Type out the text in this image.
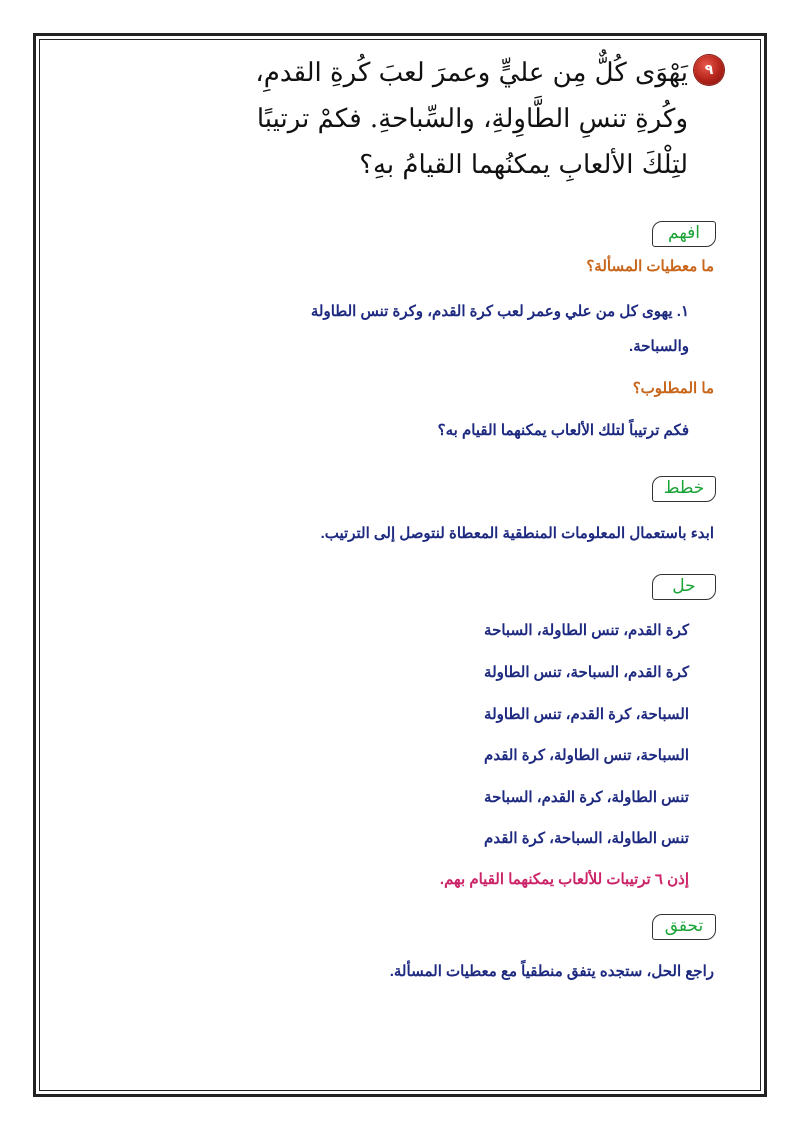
٩
يَهْوَى كُلٌّ مِن عليٍّ وعمرَ لعبَ كُرةِ القدمِ،
وكُرةِ تنسِ الطَّاوِلةِ، والسِّباحةِ. فكمْ ترتيبًا
لتِلْكَ الألعابِ يمكنُهما القيامُ بهِ؟
افهم

ما معطيات المسألة؟

١. يهوى كل من علي وعمر لعب كرة القدم، وكرة تنس الطاولة

والسباحة.

ما المطلوب؟

فكم ترتيباً لتلك الألعاب يمكنهما القيام به؟

خطط

ابدء باستعمال المعلومات المنطقية المعطاة لنتوصل إلى الترتيب.

حل

كرة القدم، تنس الطاولة، السباحة

كرة القدم، السباحة، تنس الطاولة

السباحة، كرة القدم، تنس الطاولة

السباحة، تنس الطاولة، كرة القدم

تنس الطاولة، كرة القدم، السباحة

تنس الطاولة، السباحة، كرة القدم

إذن ٦ ترتيبات للألعاب يمكنهما القيام بهم.

تحقق

راجع الحل، ستجده يتفق منطقياً مع معطيات المسألة.
